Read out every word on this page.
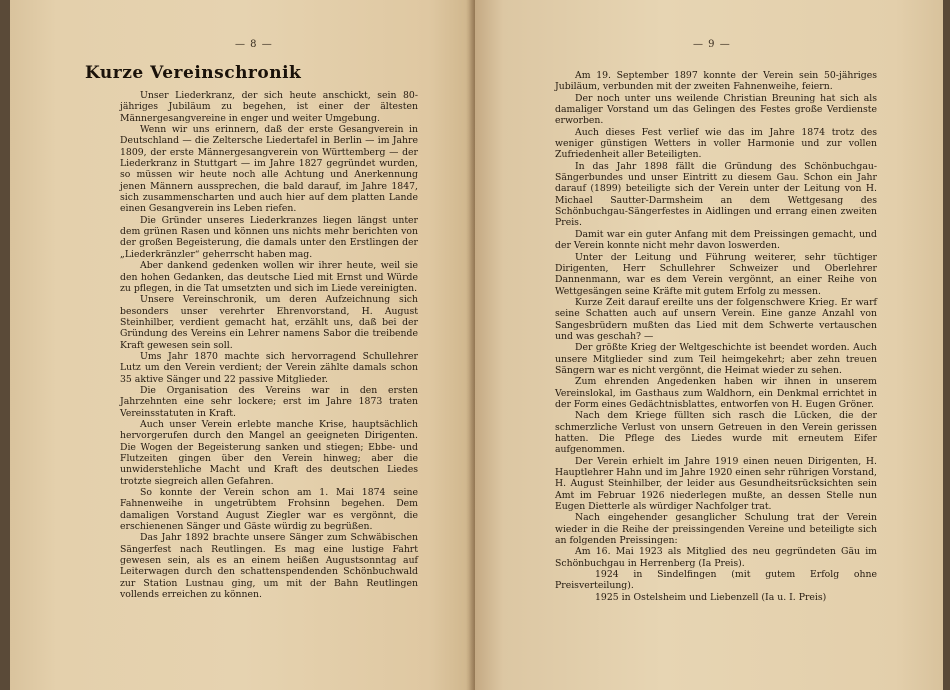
— 8 —
Kurze Vereinschronik

Unser Liederkranz, der sich heute anschickt, sein 80-jähriges Jubiläum zu begehen, ist einer der ältesten Männergesangvereine in enger und weiter Umgebung.

Wenn wir uns erinnern, daß der erste Gesangverein in Deutschland — die Zeltersche Liedertafel in Berlin — im Jahre 1809, der erste Männergesangverein von Württemberg — der Liederkranz in Stuttgart — im Jahre 1827 gegründet wurden, so müssen wir heute noch alle Achtung und Anerkennung jenen Männern aussprechen, die bald darauf, im Jahre 1847, sich zusammenscharten und auch hier auf dem platten Lande einen Gesangverein ins Leben riefen.

Die Gründer unseres Liederkranzes liegen längst unter dem grünen Rasen und können uns nichts mehr berichten von der großen Begeisterung, die damals unter den Erstlingen der „Liederkränzler“ geherrscht haben mag.

Aber dankend gedenken wollen wir ihrer heute, weil sie den hohen Gedanken, das deutsche Lied mit Ernst und Würde zu pflegen, in die Tat umsetzten und sich im Liede vereinigten.

Unsere Vereinschronik, um deren Aufzeichnung sich besonders unser verehrter Ehrenvorstand, H. August Steinhilber, verdient gemacht hat, erzählt uns, daß bei der Gründung des Vereins ein Lehrer namens Sabor die treibende Kraft gewesen sein soll.

Ums Jahr 1870 machte sich hervorragend Schullehrer Lutz um den Verein verdient; der Verein zählte damals schon 35 aktive Sänger und 22 passive Mitglieder.

Die Organisation des Vereins war in den ersten Jahrzehnten eine sehr lockere; erst im Jahre 1873 traten Vereinsstatuten in Kraft.

Auch unser Verein erlebte manche Krise, hauptsächlich hervorgerufen durch den Mangel an geeigneten Dirigenten. Die Wogen der Begeisterung sanken und stiegen; Ebbe- und Flutzeiten gingen über den Verein hinweg; aber die unwiderstehliche Macht und Kraft des deutschen Liedes trotzte siegreich allen Gefahren.

So konnte der Verein schon am 1. Mai 1874 seine Fahnenweihe in ungetrübtem Frohsinn begehen. Dem damaligen Vorstand August Ziegler war es vergönnt, die erschienenen Sänger und Gäste würdig zu begrüßen.

Das Jahr 1892 brachte unsere Sänger zum Schwäbischen Sängerfest nach Reutlingen. Es mag eine lustige Fahrt gewesen sein, als es an einem heißen Augustsonntag auf Leiterwagen durch den schattenspendenden Schönbuchwald zur Station Lustnau ging, um mit der Bahn Reutlingen vollends erreichen zu können.

— 9 —

Am 19. September 1897 konnte der Verein sein 50-jähriges Jubiläum, verbunden mit der zweiten Fahnenweihe, feiern.

Der noch unter uns weilende Christian Breuning hat sich als damaliger Vorstand um das Gelingen des Festes große Verdienste erworben.

Auch dieses Fest verlief wie das im Jahre 1874 trotz des weniger günstigen Wetters in voller Harmonie und zur vollen Zufriedenheit aller Beteiligten.

In das Jahr 1898 fällt die Gründung des Schönbuchgau-Sängerbundes und unser Eintritt zu diesem Gau. Schon ein Jahr darauf (1899) beteiligte sich der Verein unter der Leitung von H. Michael Sautter-Darmsheim an dem Wettgesang des Schönbuchgau-Sängerfestes in Aidlingen und errang einen zweiten Preis.

Damit war ein guter Anfang mit dem Preissingen gemacht, und der Verein konnte nicht mehr davon loswerden.

Unter der Leitung und Führung weiterer, sehr tüchtiger Dirigenten, Herr Schullehrer Schweizer und Oberlehrer Dannenmann, war es dem Verein vergönnt, an einer Reihe von Wettgesängen seine Kräfte mit gutem Erfolg zu messen.

Kurze Zeit darauf ereilte uns der folgenschwere Krieg. Er warf seine Schatten auch auf unsern Verein. Eine ganze Anzahl von Sangesbrüdern mußten das Lied mit dem Schwerte vertauschen und was geschah? —

Der größte Krieg der Weltgeschichte ist beendet worden. Auch unsere Mitglieder sind zum Teil heimgekehrt; aber zehn treuen Sängern war es nicht vergönnt, die Heimat wieder zu sehen.

Zum ehrenden Angedenken haben wir ihnen in unserem Vereinslokal, im Gasthaus zum Waldhorn, ein Denkmal errichtet in der Form eines Gedächtnisblattes, entworfen von H. Eugen Gröner.

Nach dem Kriege füllten sich rasch die Lücken, die der schmerzliche Verlust von unsern Getreuen in den Verein gerissen hatten. Die Pflege des Liedes wurde mit erneutem Eifer aufgenommen.

Der Verein erhielt im Jahre 1919 einen neuen Dirigenten, H. Hauptlehrer Hahn und im Jahre 1920 einen sehr rührigen Vorstand, H. August Steinhilber, der leider aus Gesundheitsrücksichten sein Amt im Februar 1926 niederlegen mußte, an dessen Stelle nun Eugen Dietterle als würdiger Nachfolger trat.

Nach eingehender gesanglicher Schulung trat der Verein wieder in die Reihe der preissingenden Vereine und beteiligte sich an folgenden Preissingen:

Am 16. Mai 1923 als Mitglied des neu gegründeten Gäu im Schönbuchgau in Herrenberg (Ia Preis).

1924 in Sindelfingen (mit gutem Erfolg ohne Preisverteilung).

1925 in Ostelsheim und Liebenzell (Ia u. I. Preis)
